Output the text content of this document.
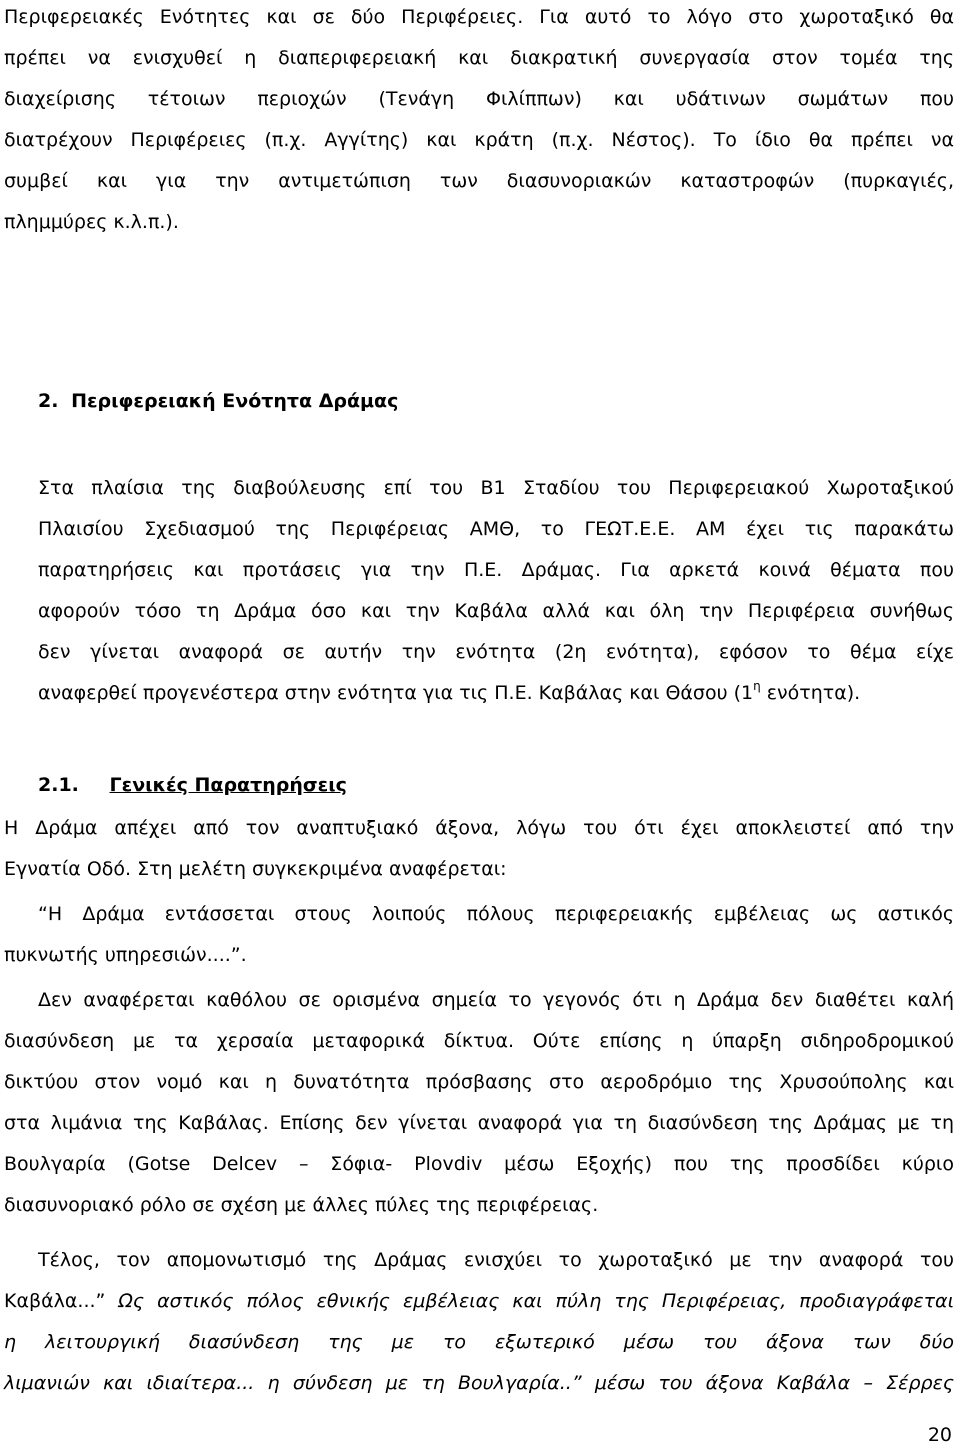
Περιφερειακές Ενότητες και σε δύο Περιφέρειες. Για αυτό το λόγο στο χωροταξικό θα
πρέπει να ενισχυθεί η διαπεριφερειακή και διακρατική συνεργασία στον τομέα της
διαχείρισης τέτοιων περιοχών (Τενάγη Φιλίππων) και υδάτινων σωμάτων που
διατρέχουν Περιφέρειες (π.χ. Αγγίτης) και κράτη (π.χ. Νέστος). Το ίδιο θα πρέπει να
συμβεί και για την αντιμετώπιση των διασυνοριακών καταστροφών (πυρκαγιές,
πλημμύρες κ.λ.π.).
2. Περιφερειακή Ενότητα Δράμας
Στα πλαίσια της διαβούλευσης επί του Β1 Σταδίου του Περιφερειακού Χωροταξικού
Πλαισίου Σχεδιασμού της Περιφέρειας ΑΜΘ, το ΓΕΩΤ.Ε.Ε. ΑΜ έχει τις παρακάτω
παρατηρήσεις και προτάσεις για την Π.Ε. Δράμας. Για αρκετά κοινά θέματα που
αφορούν τόσο τη Δράμα όσο και την Καβάλα αλλά και όλη την Περιφέρεια συνήθως
δεν γίνεται αναφορά σε αυτήν την ενότητα (2η ενότητα), εφόσον το θέμα είχε
αναφερθεί προγενέστερα στην ενότητα για τις Π.Ε. Καβάλας και Θάσου ($1^\eta$ ενότητα).
2.1. Γενικές Παρατηρήσεις
Η Δράμα απέχει από τον αναπτυξιακό άξονα, λόγω του ότι έχει αποκλειστεί από την
Εγνατία Οδό. Στη μελέτη συγκεκριμένα αναφέρεται:
“Η Δράμα εντάσσεται στους λοιπούς πόλους περιφερειακής εμβέλειας ως αστικός
πυκνωτής υπηρεσιών....”.
Δεν αναφέρεται καθόλου σε ορισμένα σημεία το γεγονός ότι η Δράμα δεν διαθέτει καλή
διασύνδεση με τα χερσαία μεταφορικά δίκτυα. Ούτε επίσης η ύπαρξη σιδηροδρομικού
δικτύου στον νομό και η δυνατότητα πρόσβασης στο αεροδρόμιο της Χρυσούπολης και
στα λιμάνια της Καβάλας. Επίσης δεν γίνεται αναφορά για τη διασύνδεση της Δράμας με τη
Βουλγαρία (Gotse Delcev – Σόφια- Plovdiv μέσω Εξοχής) που της προσδίδει κύριο
διασυνοριακό ρόλο σε σχέση με άλλες πύλες της περιφέρειας.
Τέλος, τον απομονωτισμό της Δράμας ενισχύει το χωροταξικό με την αναφορά του
Καβάλα...” Ως αστικός πόλος εθνικής εμβέλειας και πύλη της Περιφέρειας, προδιαγράφεται
η λειτουργική διασύνδεση της με το εξωτερικό μέσω του άξονα των δύο
λιμανιών και ιδιαίτερα... η σύνδεση με τη Βουλγαρία..” μέσω του άξονα Καβάλα – Σέρρες
20
